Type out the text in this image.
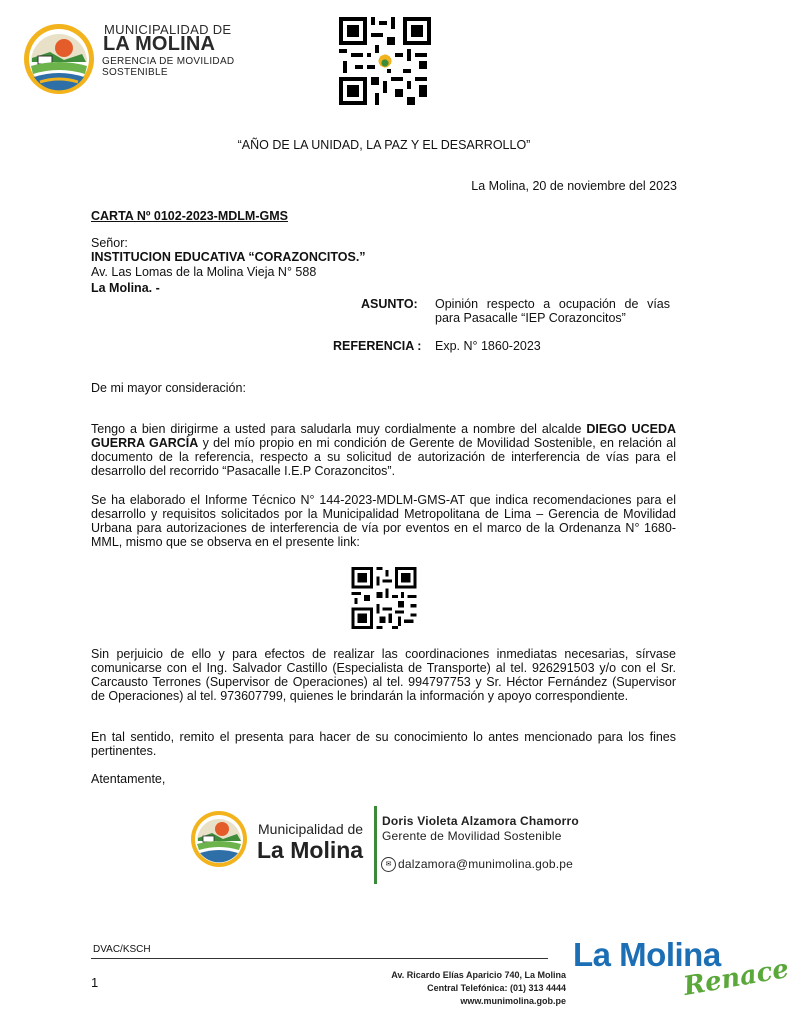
MUNICIPALIDAD DE
LA MOLINA
GERENCIA DE MOVILIDAD
SOSTENIBLE
“AÑO DE LA UNIDAD, LA PAZ Y EL DESARROLLO”
La Molina, 20 de noviembre del 2023
CARTA Nº 0102-2023-MDLM-GMS
Señor:
INSTITUCION EDUCATIVA “CORAZONCITOS.”
Av. Las Lomas de la Molina Vieja N° 588
La Molina. -
ASUNTO: Opinión respecto a ocupación de vías para Pasacalle “IEP Corazoncitos”
REFERENCIA : Exp. N° 1860-2023
De mi mayor consideración:
Tengo a bien dirigirme a usted para saludarla muy cordialmente a nombre del alcalde DIEGO UCEDA GUERRA GARCÍA y del mío propio en mi condición de Gerente de Movilidad Sostenible, en relación al documento de la referencia, respecto a su solicitud de autorización de interferencia de vías para el desarrollo del recorrido “Pasacalle I.E.P Corazoncitos”.
Se ha elaborado el Informe Técnico N° 144-2023-MDLM-GMS-AT que indica recomendaciones para el desarrollo y requisitos solicitados por la Municipalidad Metropolitana de Lima – Gerencia de Movilidad Urbana para autorizaciones de interferencia de vía por eventos en el marco de la Ordenanza N° 1680-MML, mismo que se observa en el presente link:
Sin perjuicio de ello y para efectos de realizar las coordinaciones inmediatas necesarias, sírvase comunicarse con el Ing. Salvador Castillo (Especialista de Transporte) al tel. 926291503 y/o con el Sr. Carcausto Terrones (Supervisor de Operaciones) al tel. 994797753 y Sr. Héctor Fernández (Supervisor de Operaciones) al tel. 973607799, quienes le brindarán la información y apoyo correspondiente.
En tal sentido, remito el presenta para hacer de su conocimiento lo antes mencionado para los fines pertinentes.
Atentamente,
Municipalidad de
La Molina
Doris Violeta Alzamora Chamorro
Gerente de Movilidad Sostenible
✉ dalzamora@munimolina.gob.pe
DVAC/KSCH
1	Av. Ricardo Elías Aparicio 740, La Molina
Central Telefónica: (01) 313 4444
www.munimolina.gob.pe
La Molina
Renace
